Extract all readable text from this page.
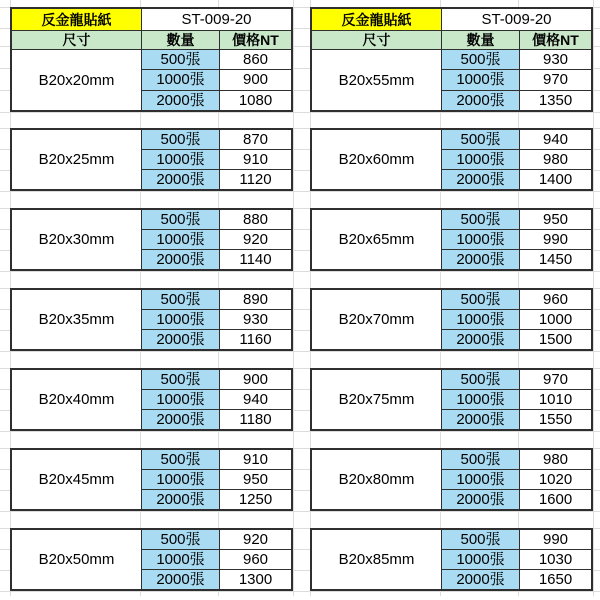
反金龍貼紙	ST-009-20
尺寸	數量	價格NT
B20x20mm
500張	860
1000張	900
2000張	1080
B20x25mm
500張	870
1000張	910
2000張	1120
B20x30mm
500張	880
1000張	920
2000張	1140
B20x35mm
500張	890
1000張	930
2000張	1160
B20x40mm
500張	900
1000張	940
2000張	1180
B20x45mm
500張	910
1000張	950
2000張	1250
B20x50mm
500張	920
1000張	960
2000張	1300
反金龍貼紙	ST-009-20
尺寸	數量	價格NT
B20x55mm
500張	930
1000張	970
2000張	1350
B20x60mm
500張	940
1000張	980
2000張	1400
B20x65mm
500張	950
1000張	990
2000張	1450
B20x70mm
500張	960
1000張	1000
2000張	1500
B20x75mm
500張	970
1000張	1010
2000張	1550
B20x80mm
500張	980
1000張	1020
2000張	1600
B20x85mm
500張	990
1000張	1030
2000張	1650
